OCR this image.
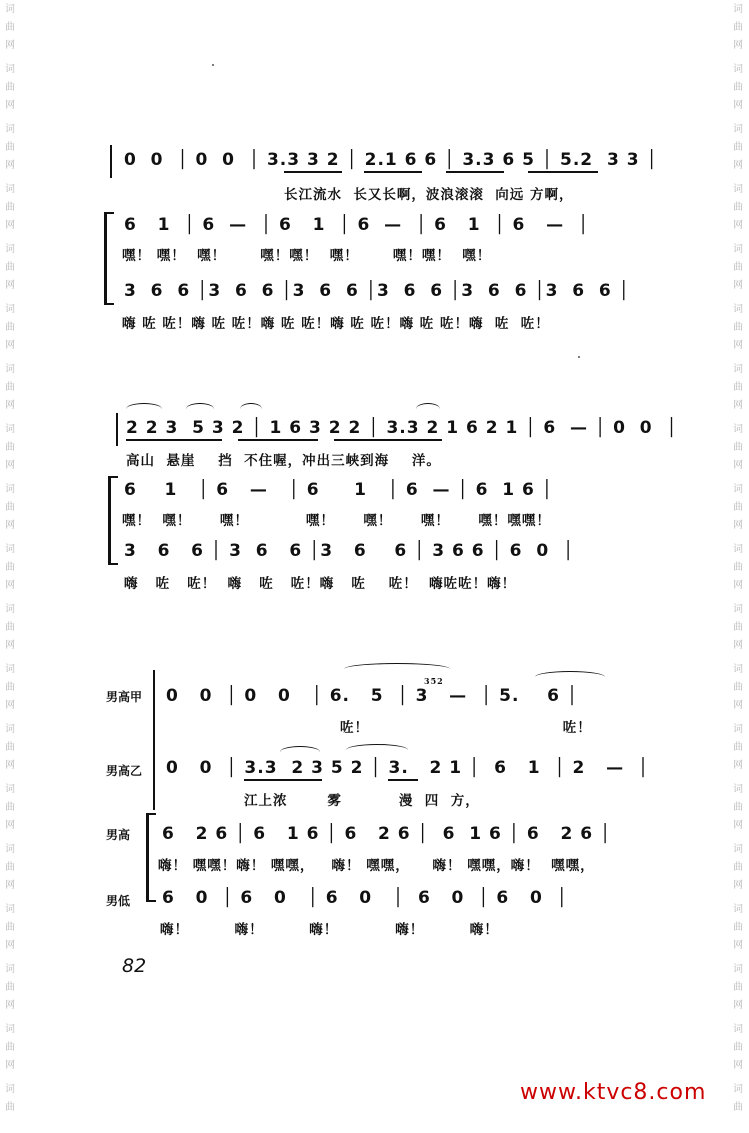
词
曲
网
词
曲
网
词
曲
网
词
曲
网
词
曲
网
词
曲
网
词
曲
网
词
曲
网
词
曲
网
词
曲
网
词
曲
网
词
曲
网
词
曲
网
词
曲
网
词
曲
网
词
曲
网
词
曲
网
词
曲
网
词
曲
词
曲
网
词
曲
网
词
曲
网
词
曲
网
词
曲
网
词
曲
网
词
曲
网
词
曲
网
词
曲
网
词
曲
网
词
曲
网
词
曲
网
词
曲
网
词
曲
网
词
曲
网
词
曲
网
词
曲
网
词
曲
网
词
曲
0  0  │ 0  0  │ 3.3 3 2 │ 2.1 6 6 │ 3.3 6 5 │ 5.2  3 3 │
长江流水  长又长啊，波浪滚滚  向远 方啊，
6   1  │ 6  —  │ 6   1  │ 6  —  │ 6   1  │ 6   —  │
嘿！ 嘿！  嘿！      嘿！嘿！  嘿！      嘿！嘿！  嘿！
3  6  6 │3  6  6 │3  6  6 │3  6  6 │3  6  6 │3  6  6 │
嗨 咗 咗！嗨 咗 咗！嗨 咗 咗！嗨 咗 咗！嗨 咗 咗！嗨  咗  咗！
2 2 3  5 3 2 │ 1 6 3 2 2 │ 3.3 2 1 6 2 1 │ 6  — │ 0  0  │
高山  悬崖    挡  不住喔，冲出三峡到海    洋。
6    1   │ 6   —   │ 6     1   │ 6  — │ 6  1 6 │
嘿！  嘿！     嘿！          嘿！     嘿！     嘿！     嘿！嘿嘿！
3   6   6 │ 3  6   6 │3   6    6 │ 3 6 6 │ 6  0  │
嗨   咗   咗！  嗨   咗   咗！嗨   咗    咗！  嗨咗咗！嗨！
男高甲
男高乙
男高
男低
352
0   0  │ 0   0   │ 6.   5  │ 3   —  │ 5.    6 │
咗！                                  咗！
0   0  │ 3.3  2 3 5 2 │ 3.   2 1 │  6   1  │ 2   —  │
江上浓       雾          漫  四  方，
6   2 6 │ 6   1 6 │ 6   2 6 │  6  1 6 │ 6   2 6 │
嗨！ 嘿嘿！嗨！ 嘿嘿，   嗨！ 嘿嘿，    嗨！ 嘿嘿，嗨！  嘿嘿，
6   0  │ 6   0   │ 6   0   │  6   0  │ 6   0  │
嗨！        嗨！        嗨！          嗨！        嗨！
82
www.ktvc8.com
